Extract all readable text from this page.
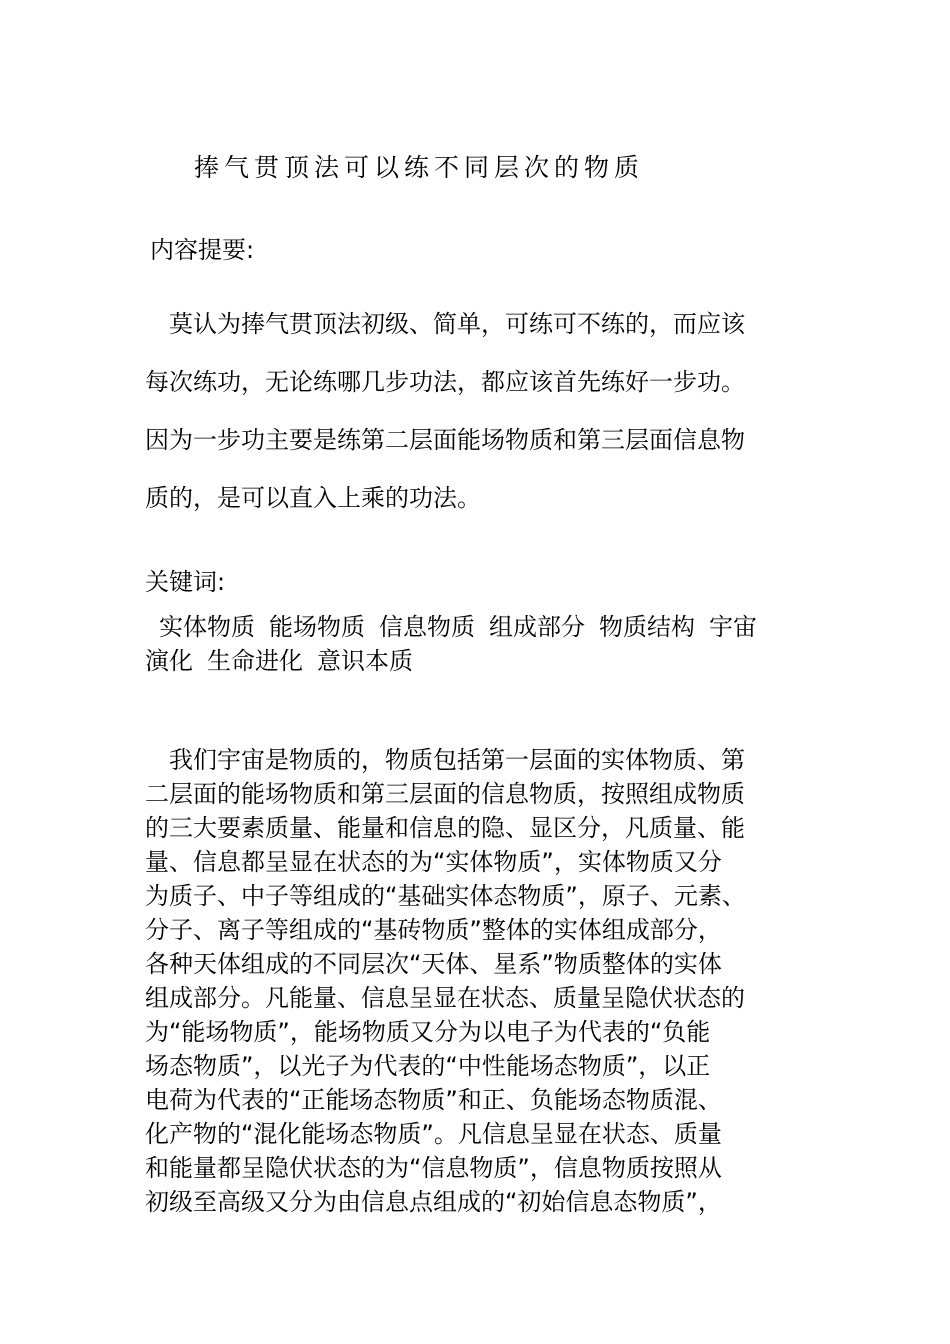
捧气贯顶法可以练不同层次的物质
内容提要:
莫认为捧气贯顶法初级、简单，可练可不练的，而应该
每次练功，无论练哪几步功法，都应该首先练好一步功。
因为一步功主要是练第二层面能场物质和第三层面信息物
质的，是可以直入上乘的功法。
关键词:
实体物质 能场物质 信息物质 组成部分 物质结构 宇宙
演化 生命进化 意识本质
我们宇宙是物质的，物质包括第一层面的实体物质、第
二层面的能场物质和第三层面的信息物质，按照组成物质
的三大要素质量、能量和信息的隐、显区分，凡质量、能
量、信息都呈显在状态的为“实体物质”，实体物质又分
为质子、中子等组成的“基础实体态物质”，原子、元素、
分子、离子等组成的“基砖物质”整体的实体组成部分，
各种天体组成的不同层次“天体、星系”物质整体的实体
组成部分。凡能量、信息呈显在状态、质量呈隐伏状态的
为“能场物质”，能场物质又分为以电子为代表的“负能
场态物质”，以光子为代表的“中性能场态物质”，以正
电荷为代表的“正能场态物质”和正、负能场态物质混、
化产物的“混化能场态物质”。凡信息呈显在状态、质量
和能量都呈隐伏状态的为“信息物质”，信息物质按照从
初级至高级又分为由信息点组成的“初始信息态物质”，
